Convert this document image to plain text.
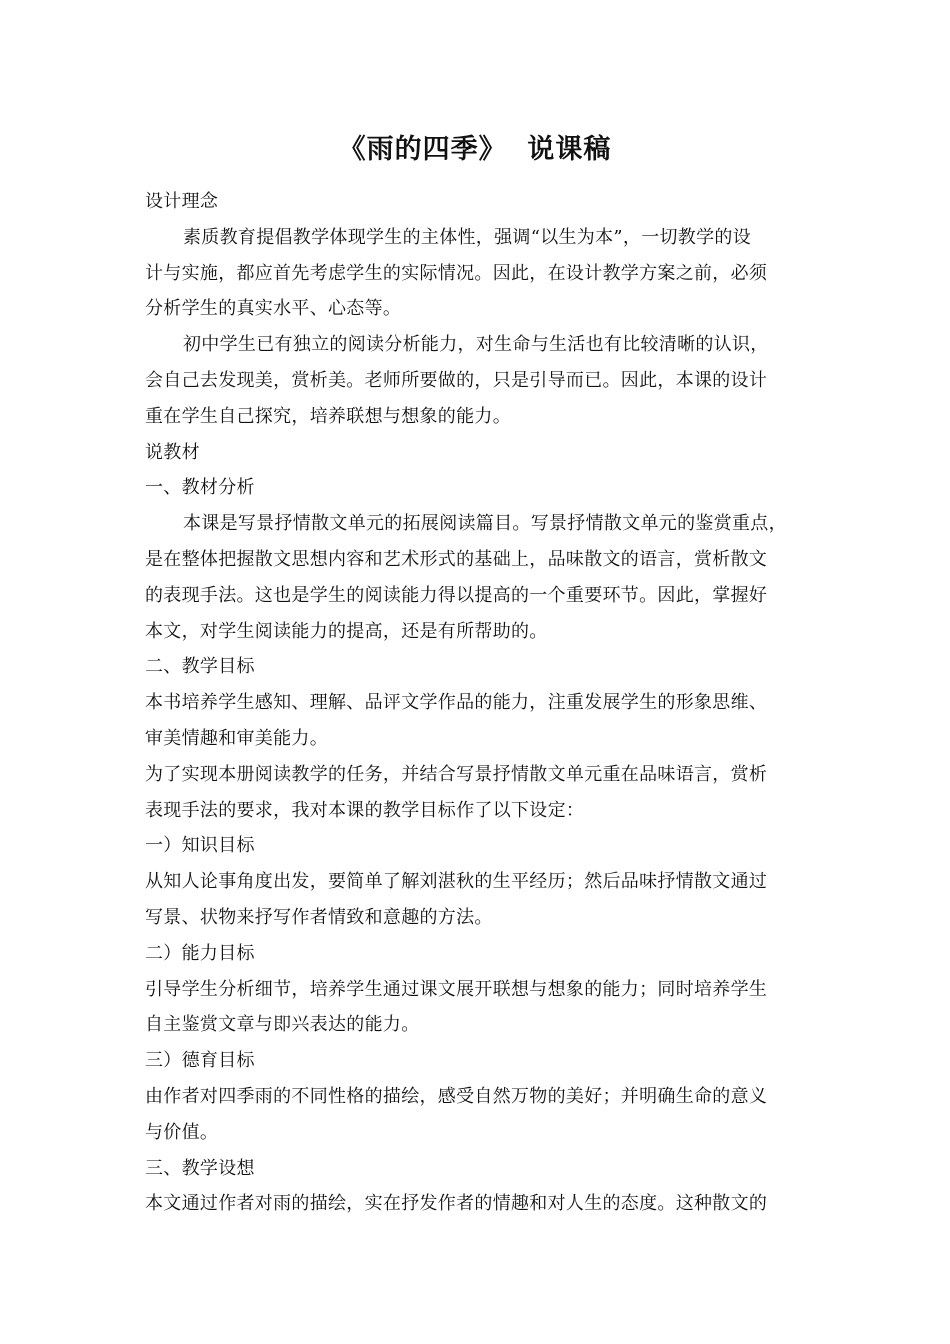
《雨的四季》  说课稿
设计理念
素质教育提倡教学体现学生的主体性，强调“以生为本”，一切教学的设
计与实施，都应首先考虑学生的实际情况。因此，在设计教学方案之前，必须
分析学生的真实水平、心态等。
初中学生已有独立的阅读分析能力，对生命与生活也有比较清晰的认识，
会自己去发现美，赏析美。老师所要做的，只是引导而已。因此，本课的设计
重在学生自己探究，培养联想与想象的能力。
说教材
一、教材分析
本课是写景抒情散文单元的拓展阅读篇目。写景抒情散文单元的鉴赏重点，
是在整体把握散文思想内容和艺术形式的基础上，品味散文的语言，赏析散文
的表现手法。这也是学生的阅读能力得以提高的一个重要环节。因此，掌握好
本文，对学生阅读能力的提高，还是有所帮助的。
二、教学目标
本书培养学生感知、理解、品评文学作品的能力，注重发展学生的形象思维、
审美情趣和审美能力。
为了实现本册阅读教学的任务，并结合写景抒情散文单元重在品味语言，赏析
表现手法的要求，我对本课的教学目标作了以下设定：
一）知识目标
从知人论事角度出发，要简单了解刘湛秋的生平经历；然后品味抒情散文通过
写景、状物来抒写作者情致和意趣的方法。
二）能力目标
引导学生分析细节，培养学生通过课文展开联想与想象的能力；同时培养学生
自主鉴赏文章与即兴表达的能力。
三）德育目标
由作者对四季雨的不同性格的描绘，感受自然万物的美好；并明确生命的意义
与价值。
三、教学设想
本文通过作者对雨的描绘，实在抒发作者的情趣和对人生的态度。这种散文的
